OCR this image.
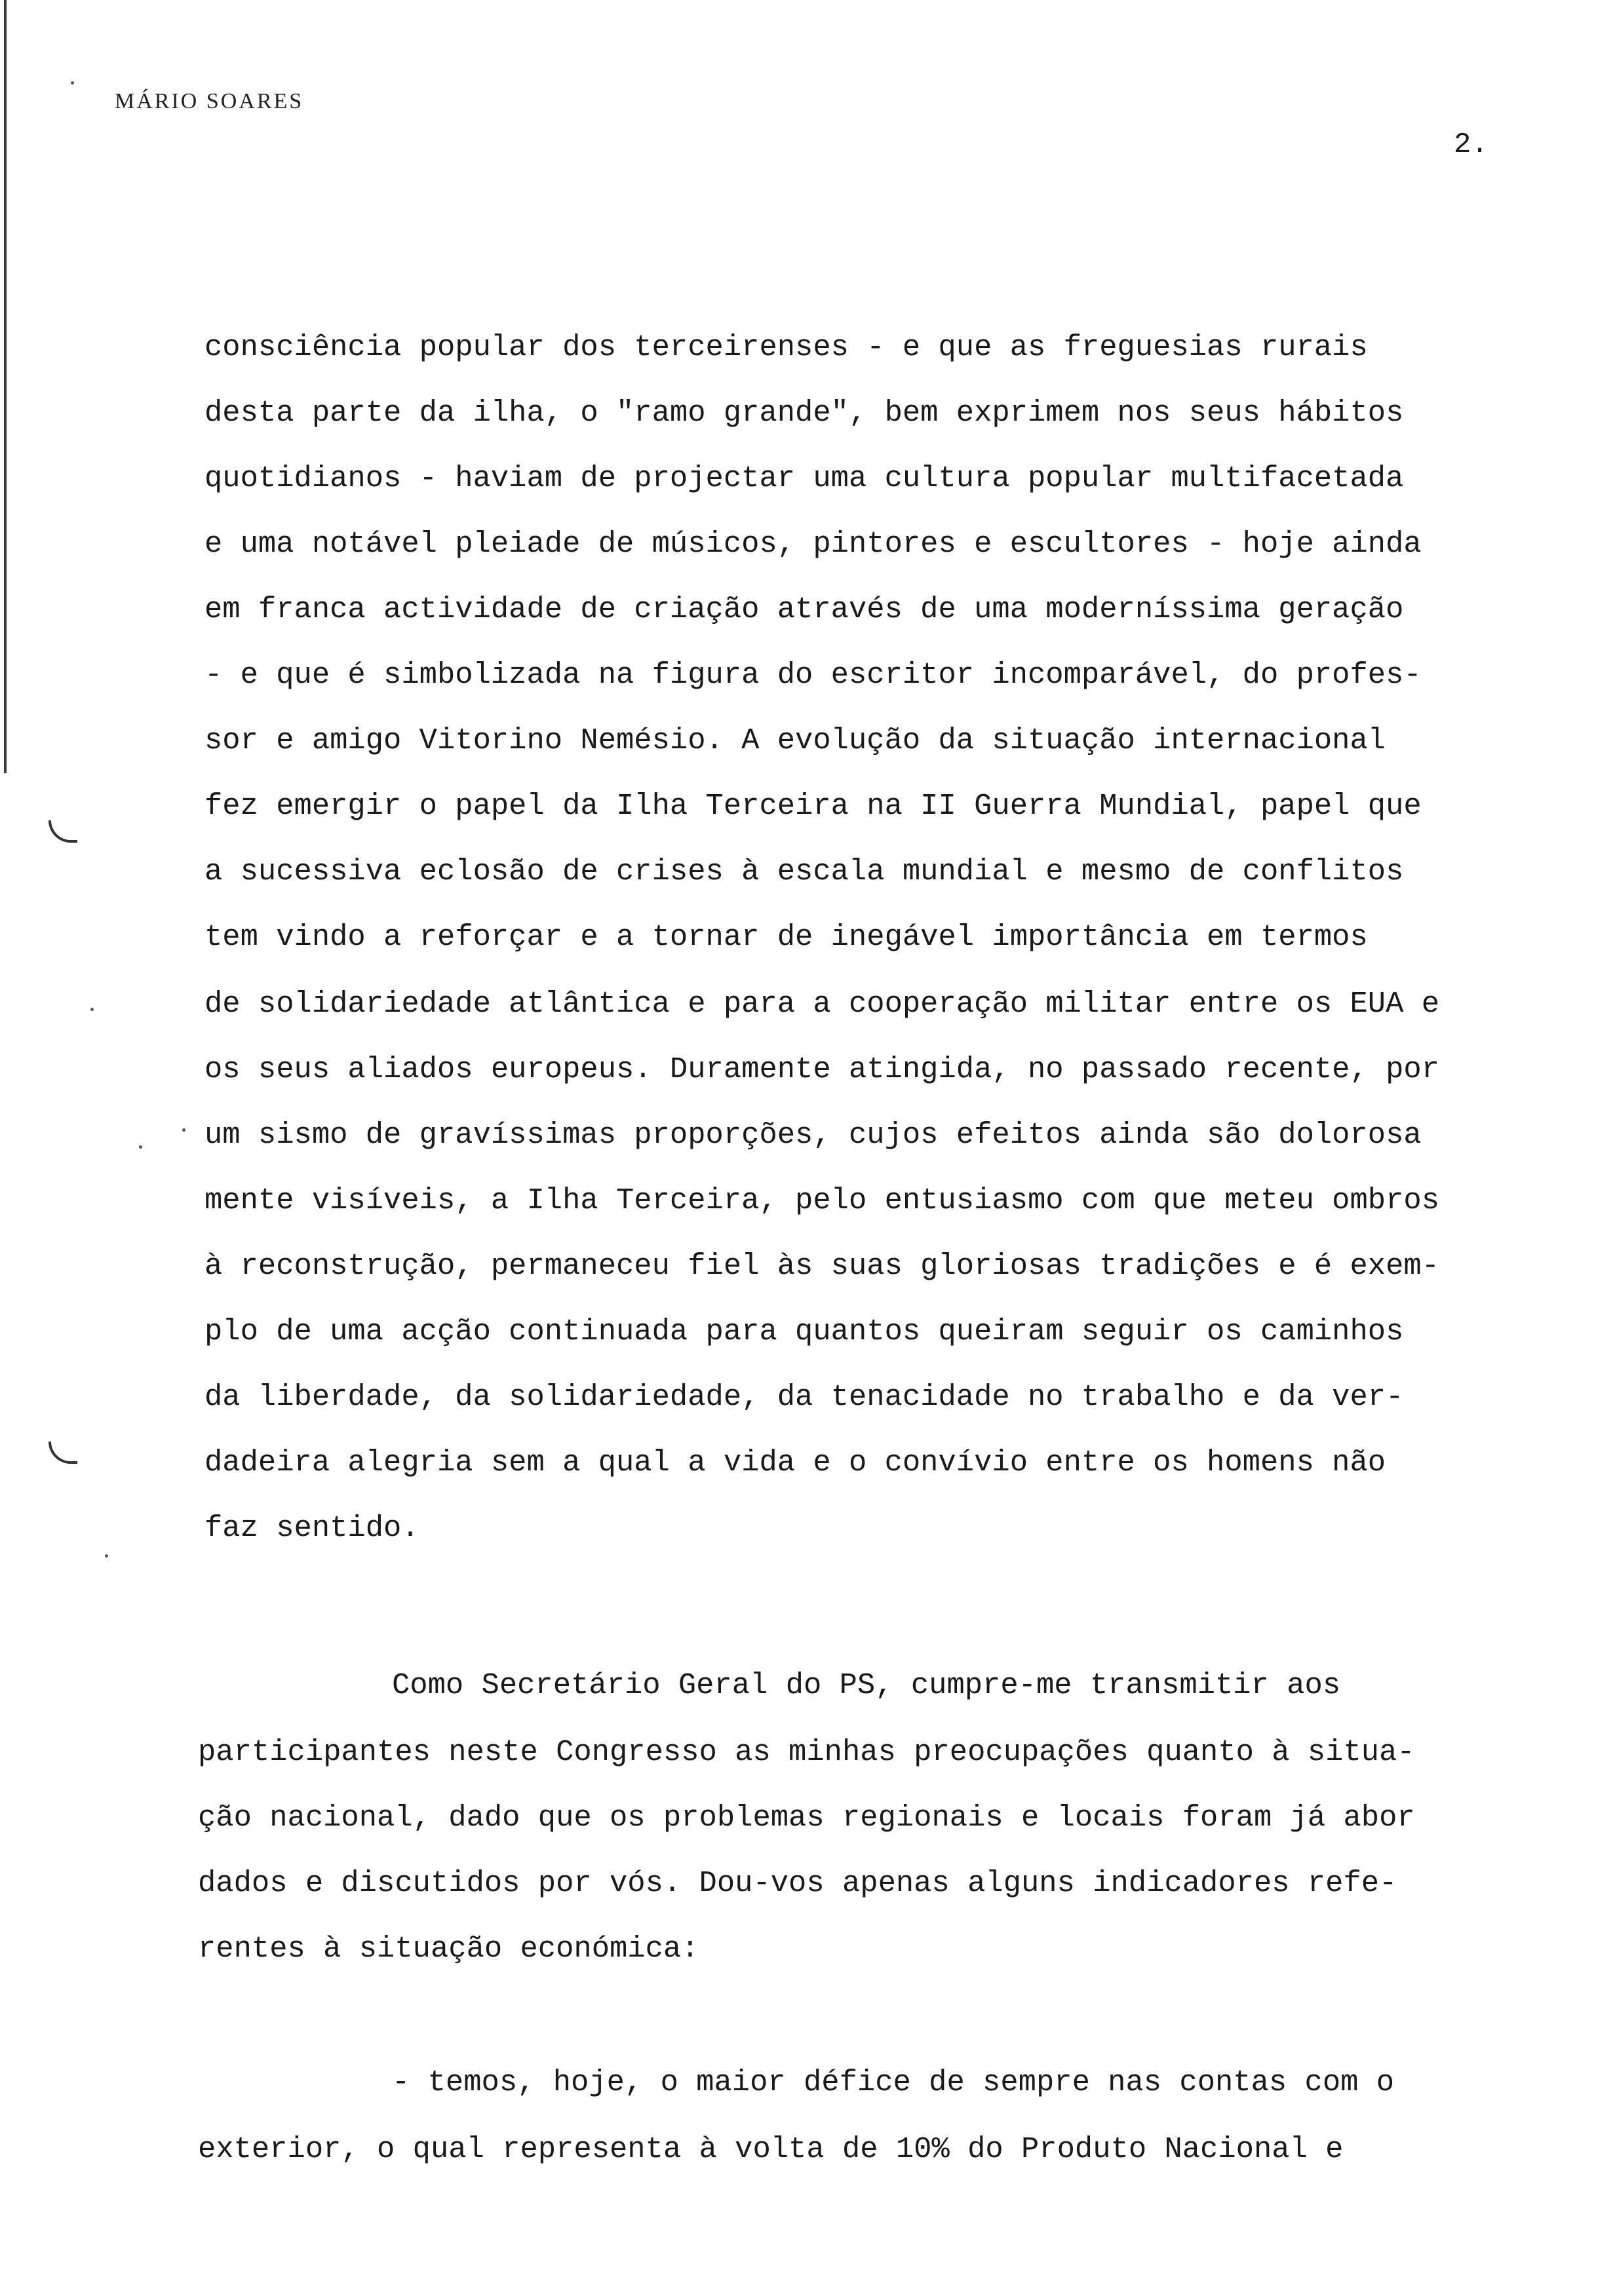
MÁRIO SOARES
2.
consciência popular dos terceirenses - e que as freguesias rurais
desta parte da ilha, o "ramo grande", bem exprimem nos seus hábitos
quotidianos - haviam de projectar uma cultura popular multifacetada
e uma notável pleiade de músicos, pintores e escultores - hoje ainda
em franca actividade de criação através de uma moderníssima geração
- e que é simbolizada na figura do escritor incomparável, do profes-
sor e amigo Vitorino Nemésio. A evolução da situação internacional
fez emergir o papel da Ilha Terceira na II Guerra Mundial, papel que
a sucessiva eclosão de crises à escala mundial e mesmo de conflitos
tem vindo a reforçar e a tornar de inegável importância em termos
de solidariedade atlântica e para a cooperação militar entre os EUA e
os seus aliados europeus. Duramente atingida, no passado recente, por
um sismo de gravíssimas proporções, cujos efeitos ainda são dolorosa
mente visíveis, a Ilha Terceira, pelo entusiasmo com que meteu ombros
à reconstrução, permaneceu fiel às suas gloriosas tradições e é exem-
plo de uma acção continuada para quantos queiram seguir os caminhos
da liberdade, da solidariedade, da tenacidade no trabalho e da ver-
dadeira alegria sem a qual a vida e o convívio entre os homens não
faz sentido.
Como Secretário Geral do PS, cumpre-me transmitir aos
participantes neste Congresso as minhas preocupações quanto à situa-
ção nacional, dado que os problemas regionais e locais foram já abor
dados e discutidos por vós. Dou-vos apenas alguns indicadores refe-
rentes à situação económica:
- temos, hoje, o maior défice de sempre nas contas com o
exterior, o qual representa à volta de 10% do Produto Nacional e
